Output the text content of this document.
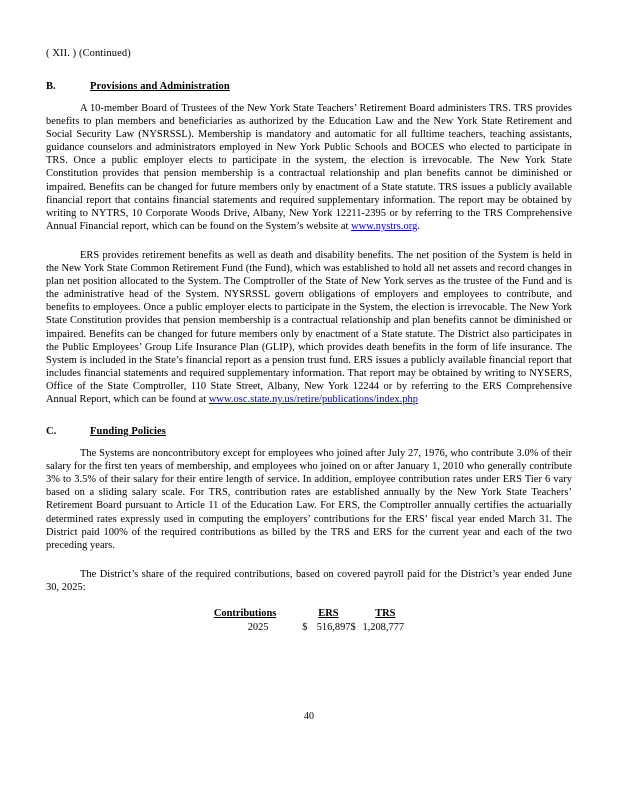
( XII. ) (Continued)
B.	Provisions and Administration

A 10-member Board of Trustees of the New York State Teachers’ Retirement Board administers TRS. TRS provides benefits to plan members and beneficiaries as authorized by the Education Law and the New York State Retirement and Social Security Law (NYSRSSL). Membership is mandatory and automatic for all fulltime teachers, teaching assistants, guidance counselors and administrators employed in New York Public Schools and BOCES who elected to participate in TRS. Once a public employer elects to participate in the system, the election is irrevocable. The New York State Constitution provides that pension membership is a contractual relationship and plan benefits cannot be diminished or impaired. Benefits can be changed for future members only by enactment of a State statute. TRS issues a publicly available financial report that contains financial statements and required supplementary information. The report may be obtained by writing to NYTRS, 10 Corporate Woods Drive, Albany, New York 12211-2395 or by referring to the TRS Comprehensive Annual Financial report, which can be found on the System’s website at www.nystrs.org.

ERS provides retirement benefits as well as death and disability benefits. The net position of the System is held in the New York State Common Retirement Fund (the Fund), which was established to hold all net assets and record changes in plan net position allocated to the System. The Comptroller of the State of New York serves as the trustee of the Fund and is the administrative head of the System. NYSRSSL govern obligations of employers and employees to contribute, and benefits to employees. Once a public employer elects to participate in the System, the election is irrevocable. The New York State Constitution provides that pension membership is a contractual relationship and plan benefits cannot be diminished or impaired. Benefits can be changed for future members only by enactment of a State statute. The District also participates in the Public Employees’ Group Life Insurance Plan (GLIP), which provides death benefits in the form of life insurance. The System is included in the State’s financial report as a pension trust fund. ERS issues a publicly available financial report that includes financial statements and required supplementary information. That report may be obtained by writing to NYSERS, Office of the State Comptroller, 110 State Street, Albany, New York 12244 or by referring to the ERS Comprehensive Annual Report, which can be found at www.osc.state.ny.us/retire/publications/index.php

C.	Funding Policies

The Systems are noncontributory except for employees who joined after July 27, 1976, who contribute 3.0% of their salary for the first ten years of membership, and employees who joined on or after January 1, 2010 who generally contribute 3% to 3.5% of their salary for their entire length of service. In addition, employee contribution rates under ERS Tier 6 vary based on a sliding salary scale. For TRS, contribution rates are established annually by the New York State Teachers’ Retirement Board pursuant to Article 11 of the Education Law. For ERS, the Comptroller annually certifies the actuarially determined rates expressly used in computing the employers’ contributions for the ERS’ fiscal year ended March 31. The District paid 100% of the required contributions as billed by the TRS and ERS for the current year and each of the two preceding years.

The District’s share of the required contributions, based on covered payroll paid for the District’s year ended June 30, 2025:

Contributions	ERS		TRS	
2025	$	516,897	$	1,208,777
40
